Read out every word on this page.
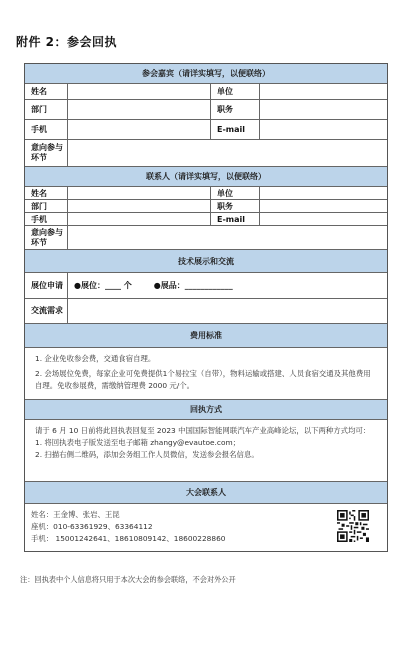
附件 2：参会回执
参会嘉宾（请详实填写，以便联络）
姓名	单位
部门	职务
手机	E-mail
意向参与环节
联系人（请详实填写，以便联络）
姓名	单位
部门	职务
手机	E-mail
意向参与环节
技术展示和交流
展位申请	●展位：____ 个	●展品：____________
交流需求
费用标准

1. 企业免收参会费，交通食宿自理。

2. 会场展位免费，每家企业可免费提供1个易拉宝（自带），物料运输或搭建、人员食宿交通及其他费用自理。免收参展费，需缴纳管理费 2000 元/个。

回执方式

请于 6 月 10 日前将此回执表回复至 2023 中国国际智能网联汽车产业高峰论坛，以下两种方式均可：

1. 将回执表电子版发送至电子邮箱 zhangy@evautoe.com；

2. 扫描右侧二维码，添加会务组工作人员微信，发送参会报名信息。

大会联系人

姓名：王金博、张岩、王昆

座机：010-63361929、63364112

手机： 15001242641、18610809142、18600228860

注：回执表中个人信息将只用于本次大会的参会联络，不会对外公开
